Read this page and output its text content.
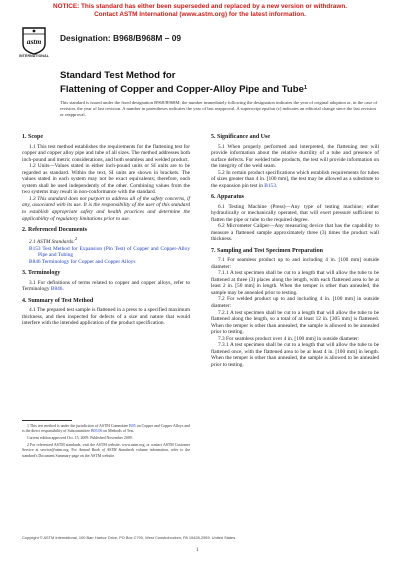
NOTICE: This standard has either been superseded and replaced by a new version or withdrawn.
Contact ASTM International (www.astm.org) for the latest information.
astm
INTERNATIONAL
Designation: B968/B968M – 09
Standard Test Method for
Flattening of Copper and Copper-Alloy Pipe and Tube$^1$
This standard is issued under the fixed designation B968/B968M; the number immediately following the designation indicates the year of original adoption or, in the case of revision, the year of last revision. A number in parentheses indicates the year of last reapproval. A superscript epsilon (ε) indicates an editorial change since the last revision or reapproval.
1. Scope

1.1 This test method establishes the requirements for the flattening test for copper and copper alloy pipe and tube of all sizes. The method addresses both inch-pound and metric considerations, and both seamless and welded product.

1.2 Units—Values stated in either inch-pound units or SI units are to be regarded as standard. Within the text, SI units are shown in brackets. The values stated in each system may not be exact equivalents; therefore, each system shall be used independently of the other. Combining values from the two systems may result in non-conformance with the standard.

1.3 This standard does not purport to address all of the safety concerns, if any, associated with its use. It is the responsibility of the user of this standard to establish appropriate safety and health practices and determine the applicability of regulatory limitations prior to use.

2. Referenced Documents

2.1 ASTM Standards:$^2$

B153 Test Method for Expansion (Pin Test) of Copper and Copper-Alloy Pipe and Tubing

B846 Terminology for Copper and Copper Alloys

3. Terminology

3.1 For definitions of terms related to copper and copper alloys, refer to Terminology B846.

4. Summary of Test Method

4.1 The prepared test sample is flattened in a press to a specified maximum thickness, and then inspected for defects of a size and nature that would interfere with the intended application of the product specification.

1 This test method is under the jurisdiction of ASTM Committee B05 on Copper and Copper Alloys and is the direct responsibility of Subcommittee B05.06 on Methods of Test.

Current edition approved Oct. 15, 2009. Published November 2009.

2 For referenced ASTM standards, visit the ASTM website, www.astm.org, or contact ASTM Customer Service at service@astm.org. For Annual Book of ASTM Standards volume information, refer to the standard's Document Summary page on the ASTM website.

5. Significance and Use

5.1 When properly performed and interpreted, the flattening test will provide information about the relative ductility of a tube and presence of surface defects. For welded tube products, the test will provide information on the integrity of the weld seam.

5.2 In certain product specifications which establish requirements for tubes of sizes greater than 4 in. [100 mm], the test may be allowed as a substitute to the expansion pin test in B153.

6. Apparatus

6.1 Testing Machine (Press)—Any type of testing machine; either hydraulically or mechanically operated, that will exert pressure sufficient to flatten the pipe or tube to the required degree.

6.2 Micrometer Caliper—Any measuring device that has the capability to measure a flattened sample approximately three (3) times the product wall thickness.

7. Sampling and Test Specimen Preparation

7.1 For seamless product up to and including 4 in. [100 mm] outside diameter:

7.1.1 A test specimen shall be cut to a length that will allow the tube to be flattened at three (3) places along the length, with each flattened area to be at least 2 in. [50 mm] in length. When the temper is other than annealed, the sample may be annealed prior to testing.

7.2 For welded product up to and including 4 in. [100 mm] in outside diameter:

7.2.1 A test specimen shall be cut to a length that will allow the tube to be flattened along the length, so a total of at least 12 in. [305 mm] is flattened. When the temper is other than annealed, the sample is allowed to be annealed prior to testing.

7.3 For seamless product over 4 in. [100 mm] in outside diameter:

7.3.1 A test specimen shall be cut to a length that will allow the tube to be flattened once, with the flattened area to be at least 4 in. [100 mm] in length. When the temper is other than annealed, the sample is allowed to be annealed prior to testing.

Copyright © ASTM International, 100 Barr Harbor Drive, PO Box C700, West Conshohocken, PA 19428-2959. United States.
1
